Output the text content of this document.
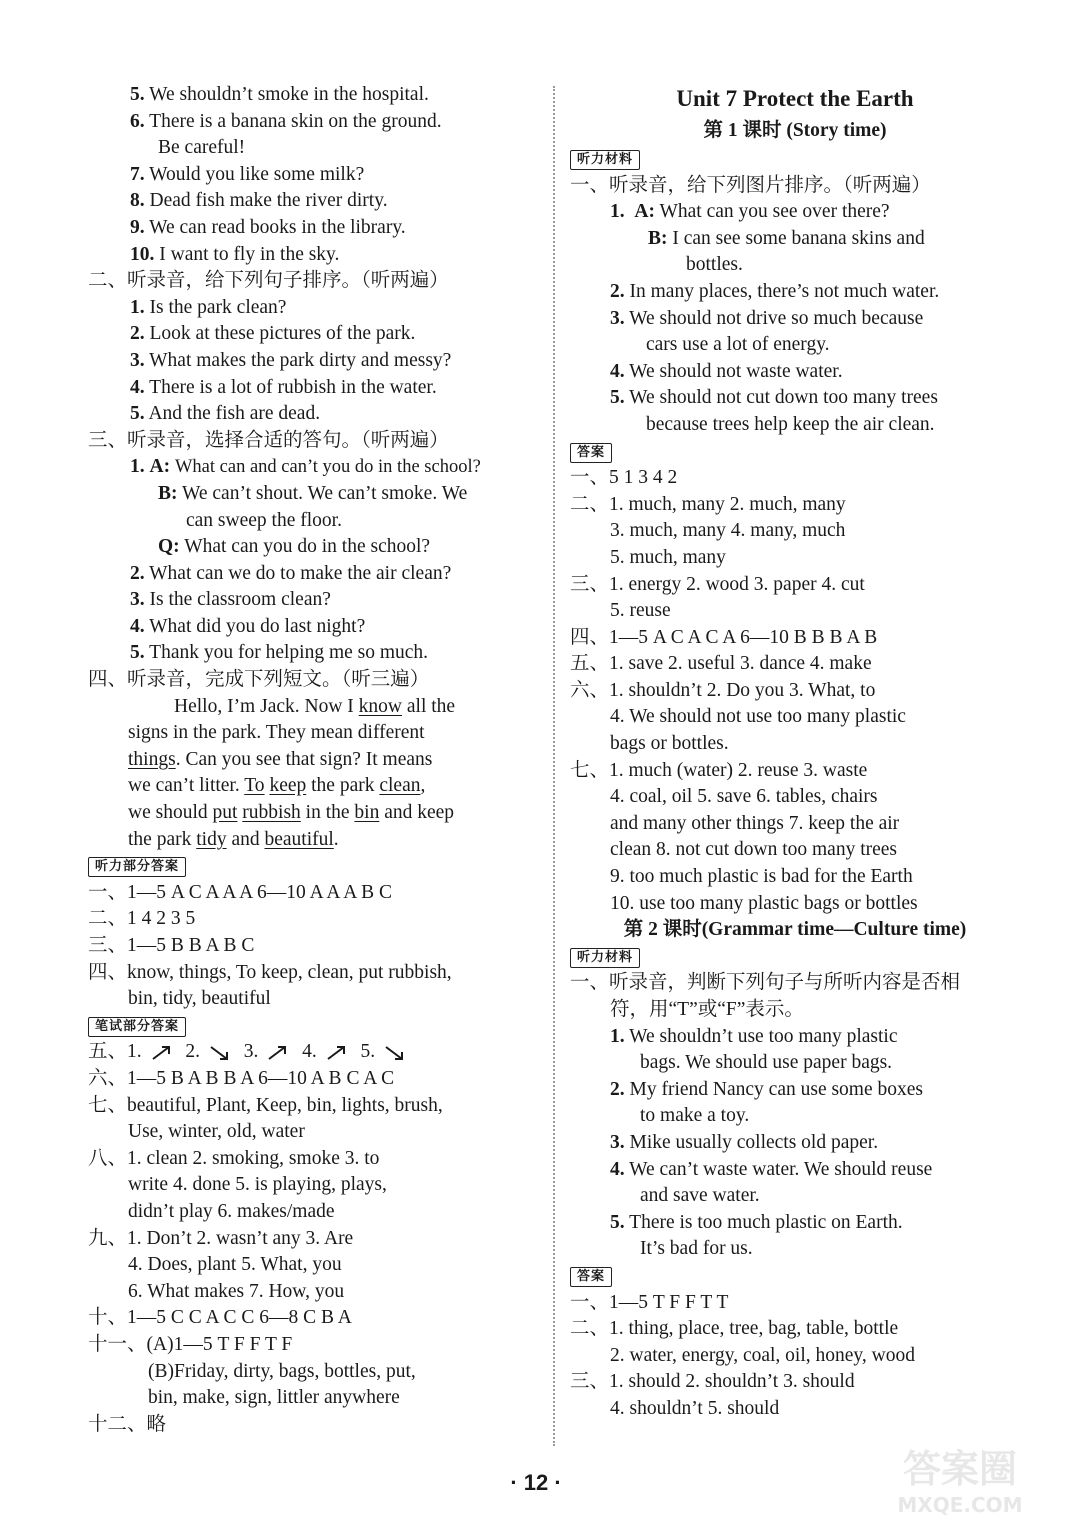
5. We shouldn’t smoke in the hospital.
6. There is a banana skin on the ground.
Be careful!
7. Would you like some milk?
8. Dead fish make the river dirty.
9. We can read books in the library.
10. I want to fly in the sky.
二、听录音，给下列句子排序。（听两遍）
1. Is the park clean?
2. Look at these pictures of the park.
3. What makes the park dirty and messy?
4. There is a lot of rubbish in the water.
5. And the fish are dead.
三、听录音，选择合适的答句。（听两遍）
1. A: What can and can’t you do in the school?
B: We can’t shout. We can’t smoke. We
can sweep the floor.
Q: What can you do in the school?
2. What can we do to make the air clean?
3. Is the classroom clean?
4. What did you do last night?
5. Thank you for helping me so much.
四、听录音，完成下列短文。（听三遍）
Hello, I’m Jack. Now I know all the
signs in the park. They mean different
things. Can you see that sign? It means
we can’t litter. To keep the park clean,
we should put rubbish in the bin and keep
the park tidy and beautiful.
听力部分答案
一、1—5 A C A A A 6—10 A A A B C
二、1 4 2 3 5
三、1—5 B B A B C
四、know, things, To keep, clean, put rubbish,
bin, tidy, beautiful
笔试部分答案
五、1. 2. 3. 4. 5.
六、1—5 B A B B A 6—10 A B C A C
七、beautiful, Plant, Keep, bin, lights, brush,
Use, winter, old, water
八、1. clean 2. smoking, smoke 3. to
write 4. done 5. is playing, plays,
didn’t play 6. makes/made
九、1. Don’t 2. wasn’t any 3. Are
4. Does, plant 5. What, you
6. What makes 7. How, you
十、1—5 C C A C C 6—8 C B A
十一、(A)1—5 T F F T F
(B)Friday, dirty, bags, bottles, put,
bin, make, sign, littler anywhere
十二、略
Unit 7 Protect the Earth
第 1 课时 (Story time)
听力材料
一、听录音，给下列图片排序。（听两遍）
1. A: What can you see over there?
B: I can see some banana skins and
bottles.
2. In many places, there’s not much water.
3. We should not drive so much because
cars use a lot of energy.
4. We should not waste water.
5. We should not cut down too many trees
because trees help keep the air clean.
答案
一、5 1 3 4 2
二、1. much, many 2. much, many
3. much, many 4. many, much
5. much, many
三、1. energy 2. wood 3. paper 4. cut
5. reuse
四、1—5 A C A C A 6—10 B B B A B
五、1. save 2. useful 3. dance 4. make
六、1. shouldn’t 2. Do you 3. What, to
4. We should not use too many plastic
bags or bottles.
七、1. much (water) 2. reuse 3. waste
4. coal, oil 5. save 6. tables, chairs
and many other things 7. keep the air
clean 8. not cut down too many trees
9. too much plastic is bad for the Earth
10. use too many plastic bags or bottles
第 2 课时(Grammar time—Culture time)
听力材料
一、听录音，判断下列句子与所听内容是否相
符，用“T”或“F”表示。
1. We shouldn’t use too many plastic
bags. We should use paper bags.
2. My friend Nancy can use some boxes
to make a toy.
3. Mike usually collects old paper.
4. We can’t waste water. We should reuse
and save water.
5. There is too much plastic on Earth.
It’s bad for us.
答案
一、1—5 T F F T T
二、1. thing, place, tree, bag, table, bottle
2. water, energy, coal, oil, honey, wood
三、1. should 2. shouldn’t 3. should
4. shouldn’t 5. should
· 12 ·	答案圈
MXQE.COM
